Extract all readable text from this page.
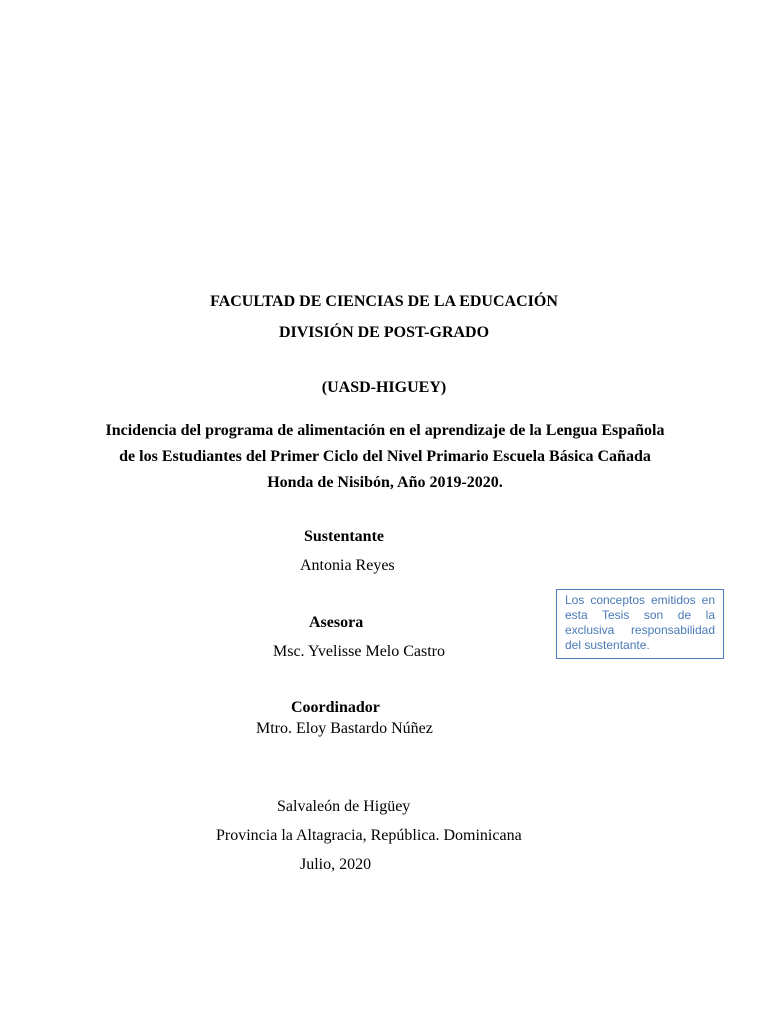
FACULTAD DE CIENCIAS DE LA EDUCACIÓN
DIVISIÓN DE POST-GRADO
(UASD-HIGUEY)
Incidencia del programa de alimentación en el aprendizaje de la Lengua Española
de los Estudiantes del Primer Ciclo del Nivel Primario Escuela Básica Cañada
Honda de Nisibón, Año 2019-2020.
Sustentante
Antonia Reyes
Asesora
Msc. Yvelisse Melo Castro
Los conceptos emitidos en esta Tesis son de la exclusiva responsabilidad del sustentante.
Coordinador
Mtro. Eloy Bastardo Núñez
Salvaleón de Higüey
Provincia la Altagracia, República. Dominicana
Julio, 2020
